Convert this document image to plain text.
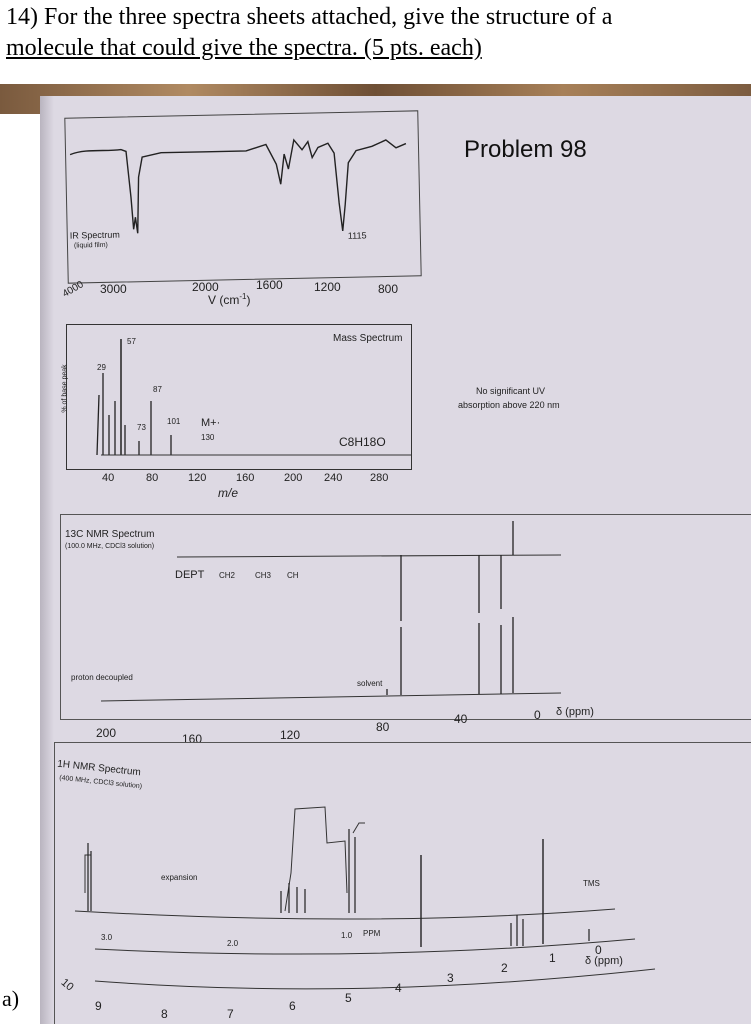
14) For the three spectra sheets attached, give the structure of a
molecule that could give the spectra. (5 pts. each)
Problem 98
IR Spectrum
(liquid film)
1115
4000 3000	2000	1600	1200	800
V $(cm^{-1})$
Mass Spectrum
29
57
87
73
101 M+·
130	C8H18O
% of base peak
40	80	120	160	200 240	280
m/e
No significant UV
absorption above 220 nm
13C NMR Spectrum
(100.0 MHz, CDCl3 solution)
DEPT CH2 CH3 CH
proton decoupled
solvent
200	160	120
80
40	0 δ (ppm)
1H NMR Spectrum
(400 MHz, CDCl3 solution)
expansion
3.0
2.0
1.0 PPM
TMS
10
9
8	7
6
5
4
3
2
1
0
δ (ppm)
a)
